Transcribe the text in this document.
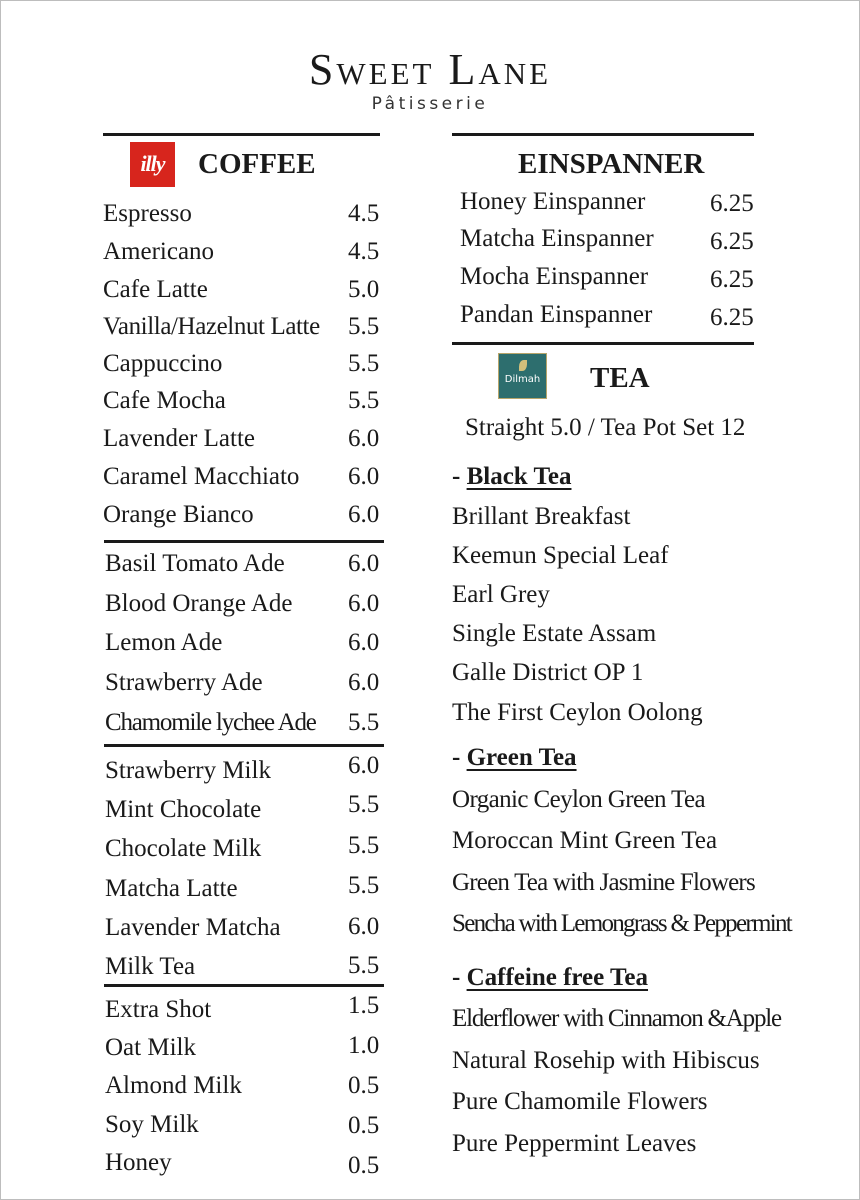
Sweet Lane
Pâtisserie
illy	COFFEE
Espresso	4.5
Americano	4.5
Cafe Latte	5.0
Vanilla/Hazelnut Latte 5.5
Cappuccino	5.5
Cafe Mocha	5.5
Lavender Latte	6.0
Caramel Macchiato 6.0
Orange Bianco	6.0
Basil Tomato Ade	6.0
Blood Orange Ade 6.0
Lemon Ade	6.0
Strawberry Ade	6.0
Chamomile lychee Ade 5.5
Strawberry Milk	6.0
Mint Chocolate	5.5
Chocolate Milk	5.5
Matcha Latte	5.5
Lavender Matcha	6.0
Milk Tea	5.5
Extra Shot	1.5
Oat Milk	1.0
Almond Milk	0.5
Soy Milk	0.5
Honey	0.5
EINSPANNER
Honey Einspanner	6.25
Matcha Einspanner 6.25
Mocha Einspanner 6.25
Pandan Einspanner 6.25
Dilmah TEA
Straight 5.0 / Tea Pot Set 12
- Black Tea
Brillant Breakfast
Keemun Special Leaf
Earl Grey
Single Estate Assam
Galle District OP 1
The First Ceylon Oolong
- Green Tea
Organic Ceylon Green Tea
Moroccan Mint Green Tea
Green Tea with Jasmine Flowers
Sencha with Lemongrass & Peppermint
- Caffeine free Tea
Elderflower with Cinnamon &Apple
Natural Rosehip with Hibiscus
Pure Chamomile Flowers
Pure Peppermint Leaves
